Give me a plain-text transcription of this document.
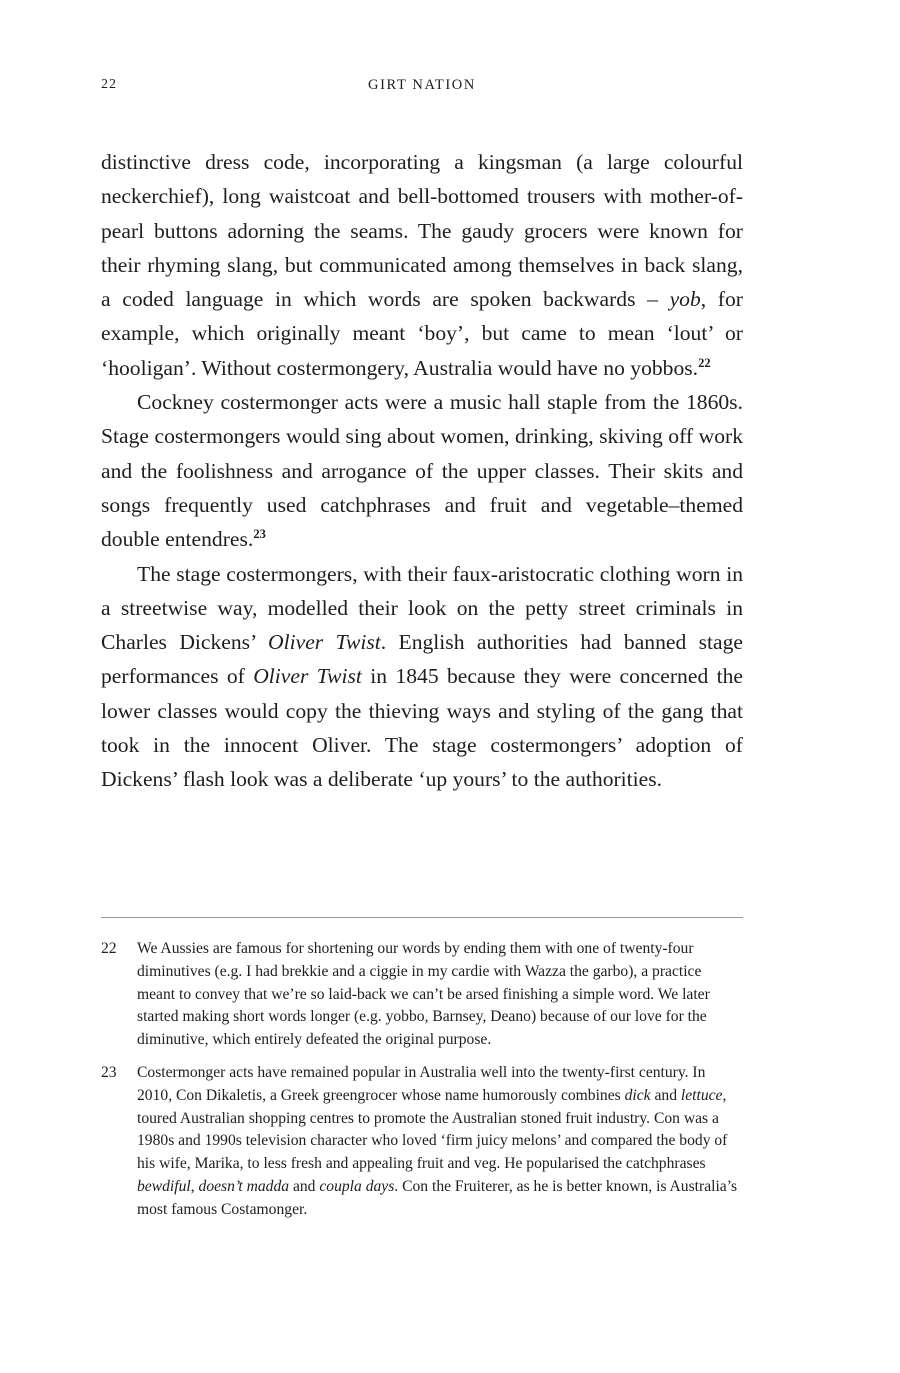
22	GIRT NATION

distinctive dress code, incorporating a kingsman (a large colourful neckerchief), long waistcoat and bell-bottomed trousers with mother-of-pearl buttons adorning the seams. The gaudy grocers were known for their rhyming slang, but communicated among themselves in back slang, a coded language in which words are spoken backwards – yob, for example, which originally meant ‘boy’, but came to mean ‘lout’ or ‘hooligan’. Without costermongery, Australia would have no yobbos.$^{22}$

Cockney costermonger acts were a music hall staple from the 1860s. Stage costermongers would sing about women, drinking, skiving off work and the foolishness and arrogance of the upper classes. Their skits and songs frequently used catchphrases and fruit and vegetable–themed double entendres.$^{23}$

The stage costermongers, with their faux-aristocratic clothing worn in a streetwise way, modelled their look on the petty street criminals in Charles Dickens’ Oliver Twist. English authorities had banned stage performances of Oliver Twist in 1845 because they were concerned the lower classes would copy the thieving ways and styling of the gang that took in the innocent Oliver. The stage costermongers’ adoption of Dickens’ flash look was a deliberate ‘up yours’ to the authorities.

22 We Aussies are famous for shortening our words by ending them with one of twenty-four diminutives (e.g. I had brekkie and a ciggie in my cardie with Wazza the garbo), a practice meant to convey that we’re so laid-back we can’t be arsed finishing a simple word. We later started making short words longer (e.g. yobbo, Barnsey, Deano) because of our love for the diminutive, which entirely defeated the original purpose.
23 Costermonger acts have remained popular in Australia well into the twenty-first century. In 2010, Con Dikaletis, a Greek greengrocer whose name humorously combines dick and lettuce, toured Australian shopping centres to promote the Australian stoned fruit industry. Con was a 1980s and 1990s television character who loved ‘firm juicy melons’ and compared the body of his wife, Marika, to less fresh and appealing fruit and veg. He popularised the catchphrases bewdiful, doesn’t madda and coupla days. Con the Fruiterer, as he is better known, is Australia’s most famous Costamonger.
